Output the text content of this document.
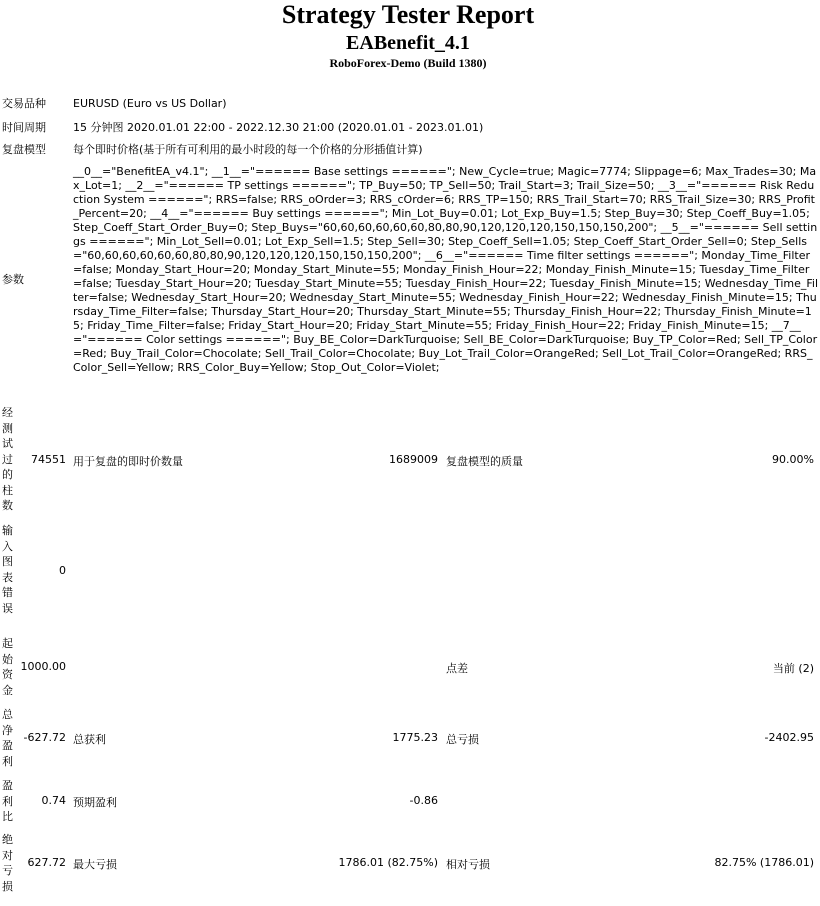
Strategy Tester Report
EABenefit_4.1
RoboForex-Demo (Build 1380)
交易品种 EURUSD (Euro vs US Dollar)
时间周期 15 分钟图 2020.01.01 22:00 - 2022.12.30 21:00 (2020.01.01 - 2023.01.01)
复盘模型 每个即时价格(基于所有可利用的最小时段的每一个价格的分形插值计算)
参数
__0__="BenefitEA_v4.1"; __1__="====== Base settings ======"; New_Cycle=true; Magic=7774; Slippage=6; Max_Trades=30; Max_Lot=1; __2__="====== TP settings ======"; TP_Buy=50; TP_Sell=50; Trail_Start=3; Trail_Size=50; __3__="====== Risk Reduction System ======"; RRS=false; RRS_oOrder=3; RRS_cOrder=6; RRS_TP=150; RRS_Trail_Start=70; RRS_Trail_Size=30; RRS_Profit_Percent=20; __4__="====== Buy settings ======"; Min_Lot_Buy=0.01; Lot_Exp_Buy=1.5; Step_Buy=30; Step_Coeff_Buy=1.05; Step_Coeff_Start_Order_Buy=0; Step_Buys="60,60,60,60,60,60,80,80,90,120,120,120,150,150,150,200"; __5__="====== Sell settings ======"; Min_Lot_Sell=0.01; Lot_Exp_Sell=1.5; Step_Sell=30; Step_Coeff_Sell=1.05; Step_Coeff_Start_Order_Sell=0; Step_Sells="60,60,60,60,60,60,80,80,90,120,120,120,150,150,150,200"; __6__="====== Time filter settings ======"; Monday_Time_Filter=false; Monday_Start_Hour=20; Monday_Start_Minute=55; Monday_Finish_Hour=22; Monday_Finish_Minute=15; Tuesday_Time_Filter=false; Tuesday_Start_Hour=20; Tuesday_Start_Minute=55; Tuesday_Finish_Hour=22; Tuesday_Finish_Minute=15; Wednesday_Time_Filter=false; Wednesday_Start_Hour=20; Wednesday_Start_Minute=55; Wednesday_Finish_Hour=22; Wednesday_Finish_Minute=15; Thursday_Time_Filter=false; Thursday_Start_Hour=20; Thursday_Start_Minute=55; Thursday_Finish_Hour=22; Thursday_Finish_Minute=15; Friday_Time_Filter=false; Friday_Start_Hour=20; Friday_Start_Minute=55; Friday_Finish_Hour=22; Friday_Finish_Minute=15; __7__="====== Color settings ======"; Buy_BE_Color=DarkTurquoise; Sell_BE_Color=DarkTurquoise; Buy_TP_Color=Red; Sell_TP_Color=Red; Buy_Trail_Color=Chocolate; Sell_Trail_Color=Chocolate; Buy_Lot_Trail_Color=OrangeRed; Sell_Lot_Trail_Color=OrangeRed; RRS_Color_Sell=Yellow; RRS_Color_Buy=Yellow; Stop_Out_Color=Violet;
经测试过的柱数
74551 用于复盘的即时价数量	1689009 复盘模型的质量	90.00%
输入图表错误
0
起始资金
1000.00	点差	当前 (2)
总净盈利
-627.72 总获利	1775.23 总亏损	-2402.95
盈利比
0.74 预期盈利	-0.86
绝对亏损
627.72 最大亏损	1786.01 (82.75%) 相对亏损	82.75% (1786.01)
